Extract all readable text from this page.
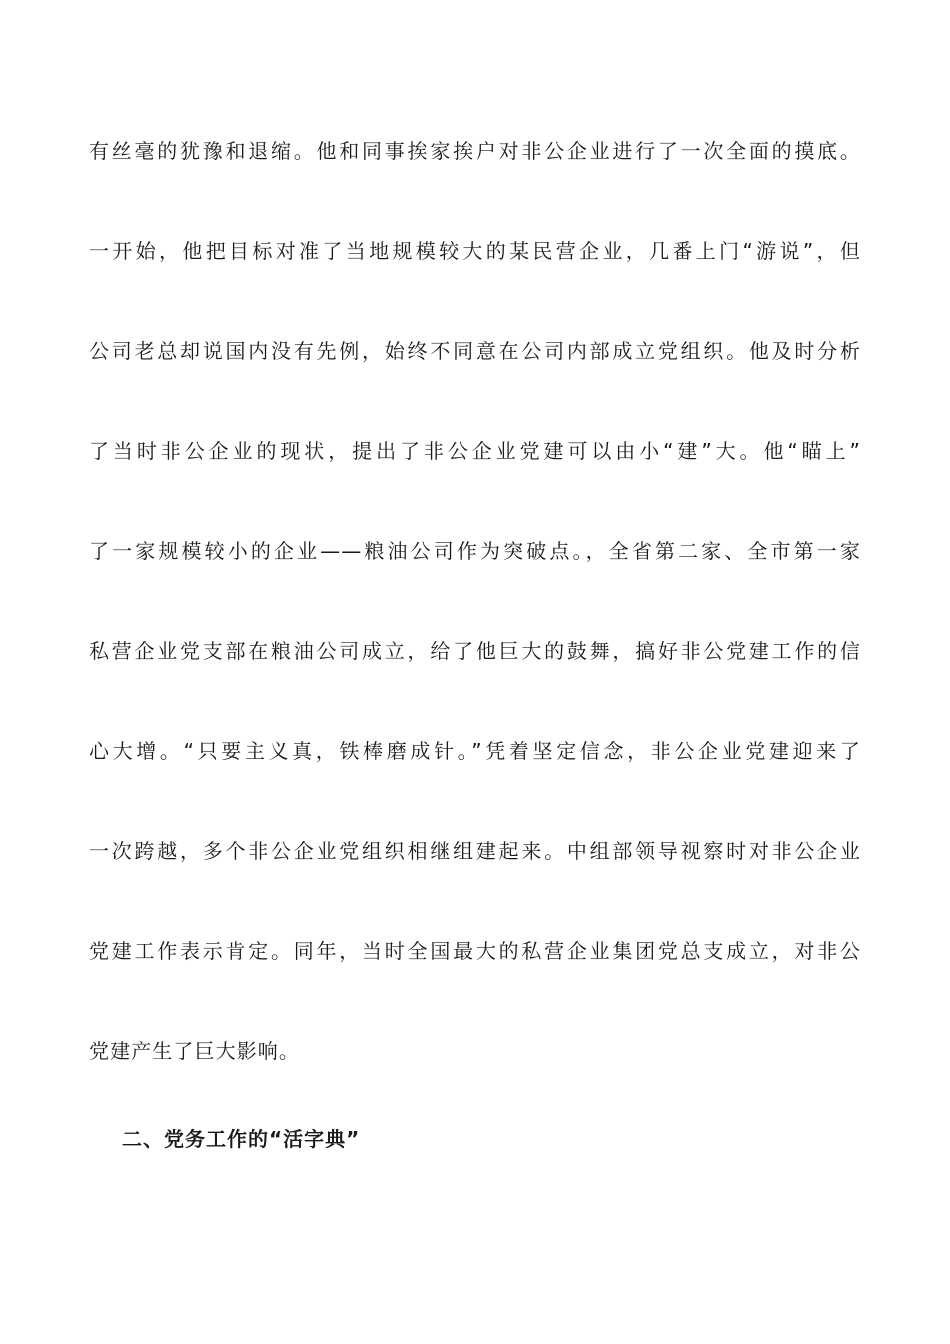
有丝毫的犹豫和退缩。他和同事挨家挨户对非公企业进行了一次全面的摸底。
一开始，他把目标对准了当地规模较大的某民营企业，几番上门“游说”，但
公司老总却说国内没有先例，始终不同意在公司内部成立党组织。他及时分析
了当时非公企业的现状，提出了非公企业党建可以由小“建”大。他“瞄上”
了一家规模较小的企业——粮油公司作为突破点。，全省第二家、全市第一家
私营企业党支部在粮油公司成立，给了他巨大的鼓舞，搞好非公党建工作的信
心大增。“只要主义真，铁棒磨成针。”凭着坚定信念，非公企业党建迎来了
一次跨越，多个非公企业党组织相继组建起来。中组部领导视察时对非公企业
党建工作表示肯定。同年，当时全国最大的私营企业集团党总支成立，对非公
党建产生了巨大影响。
二、党务工作的“活字典”
